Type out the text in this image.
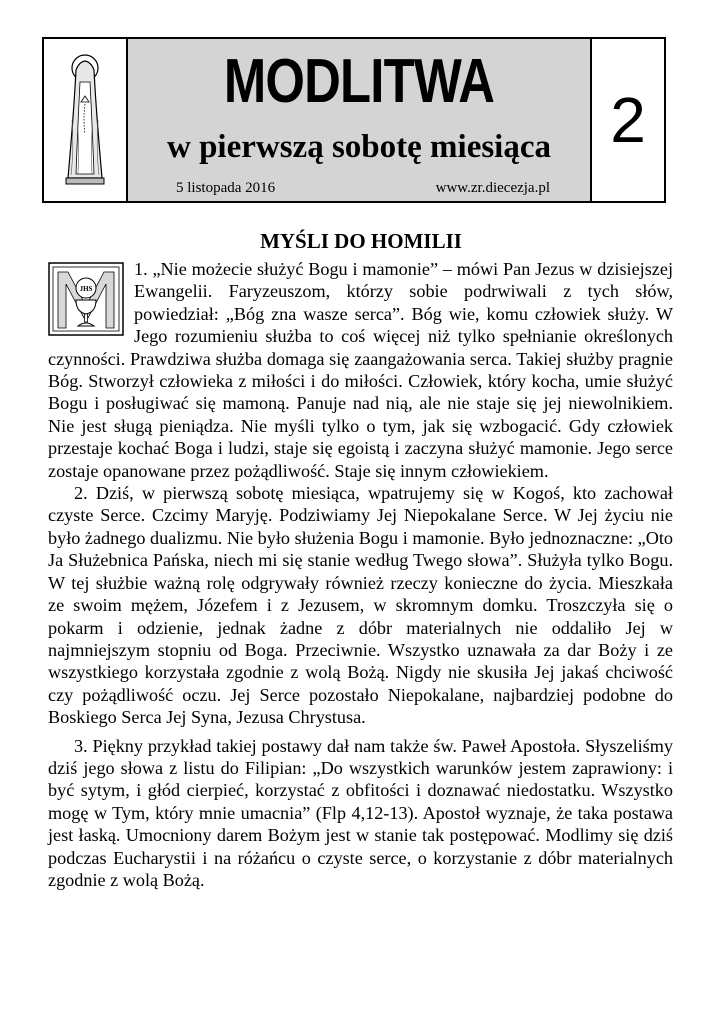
MODLITWA
w pierwszą sobotę miesiąca
5 listopada 2016	www.zr.diecezja.pl
2
MYŚLI DO HOMILII

JHS
1. „Nie możecie służyć Bogu i mamonie” – mówi Pan Jezus w dzisiejszej Ewangelii. Faryzeuszom, którzy sobie podrwiwali z tych słów, powiedział: „Bóg zna wasze serca”. Bóg wie, komu człowiek służy. W Jego rozumieniu służba to coś więcej niż tylko spełnianie określonych czynności. Prawdziwa służba domaga się zaangażowania serca. Takiej służby pragnie Bóg. Stworzył człowieka z miłości i do miłości. Człowiek, który kocha, umie służyć Bogu i posługiwać się mamoną. Panuje nad nią, ale nie staje się jej niewolnikiem. Nie jest sługą pieniądza. Nie myśli tylko o tym, jak się wzbogacić. Gdy człowiek przestaje kochać Boga i ludzi, staje się egoistą i zaczyna służyć mamonie. Jego serce zostaje opanowane przez pożądliwość. Staje się innym człowiekiem.

2. Dziś, w pierwszą sobotę miesiąca, wpatrujemy się w Kogoś, kto zachował czyste Serce. Czcimy Maryję. Podziwiamy Jej Niepokalane Serce. W Jej życiu nie było żadnego dualizmu. Nie było służenia Bogu i mamonie. Było jednoznaczne: „Oto Ja Służebnica Pańska, niech mi się stanie według Twego słowa”. Służyła tylko Bogu. W tej służbie ważną rolę odgrywały również rzeczy konieczne do życia. Mieszkała ze swoim mężem, Józefem i z Jezusem, w skromnym domku. Troszczyła się o pokarm i odzienie, jednak żadne z dóbr materialnych nie oddaliło Jej w najmniejszym stopniu od Boga. Przeciwnie. Wszystko uznawała za dar Boży i ze wszystkiego korzystała zgodnie z wolą Bożą. Nigdy nie skusiła Jej jakaś chciwość czy pożądliwość oczu. Jej Serce pozostało Niepokalane, najbardziej podobne do Boskiego Serca Jej Syna, Jezusa Chrystusa.

3. Piękny przykład takiej postawy dał nam także św. Paweł Apostoła. Słyszeliśmy dziś jego słowa z listu do Filipian: „Do wszystkich warunków jestem zaprawiony: i być sytym, i głód cierpieć, korzystać z obfitości i doznawać niedostatku. Wszystko mogę w Tym, który mnie umacnia” (Flp 4,12-13). Apostoł wyznaje, że taka postawa jest łaską. Umocniony darem Bożym jest w stanie tak postępować. Modlimy się dziś podczas Eucharystii i na różańcu o czyste serce, o korzystanie z dóbr materialnych zgodnie z wolą Bożą.
